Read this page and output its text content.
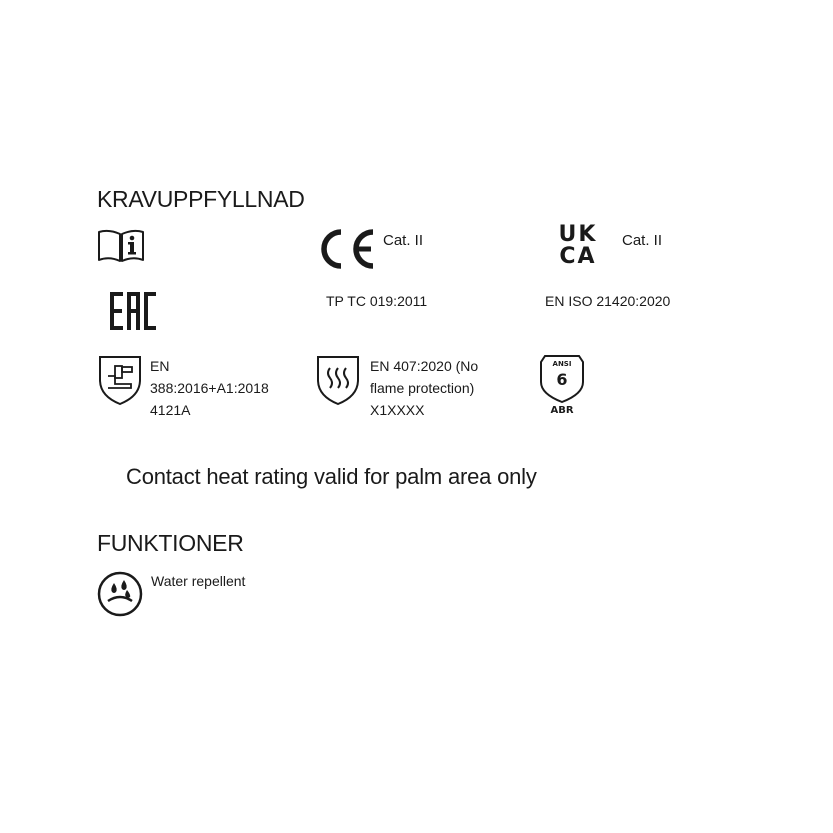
KRAVUPPFYLLNAD
Cat. II	UK
CA
Cat. II
TP TC 019:2011	EN ISO 21420:2020
EN
388:2016+A1:2018
4121A
EN 407:2020 (No
flame protection)
X1XXXX
ANSI
6
ABR
Contact heat rating valid for palm area only
FUNKTIONER
Water repellent
